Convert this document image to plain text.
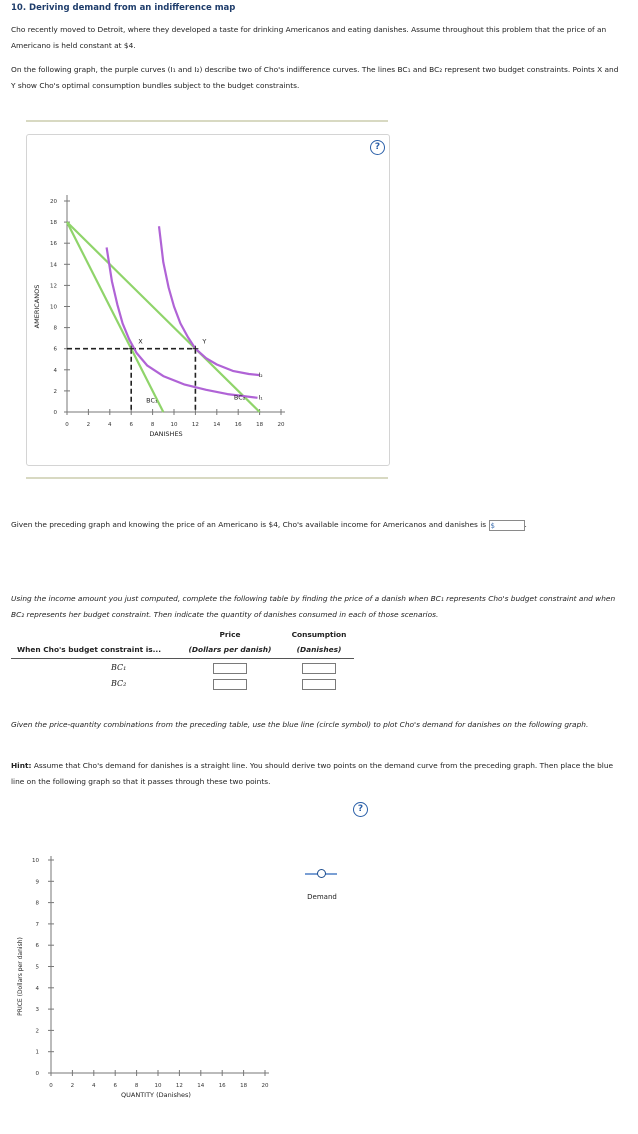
10. Deriving demand from an indifference map
Cho recently moved to Detroit, where they developed a taste for drinking Americanos and eating danishes. Assume throughout this problem that the price of an Americano is held constant at $4.
On the following graph, the purple curves (I₁ and I₂) describe two of Cho's indifference curves. The lines BC₁ and BC₂ represent two budget constraints. Points X and Y show Cho's optimal consumption bundles subject to the budget constraints.
?
0
2
4
6
8
10
12
14
16
18
20
0	2	4	6	8	10	12	14	16	18	20
DANISHES
AMERICANOS
BC₁	BC₂ I₁
I₂
X	Y
Given the preceding graph and knowing the price of an Americano is $4, Cho's available income for Americanos and danishes is $	.
Using the income amount you just computed, complete the following table by finding the price of a danish when BC₁ represents Cho's budget constraint and when BC₂ represents her budget constraint. Then indicate the quantity of danishes consumed in each of those scenarios.
Price	Consumption
When Cho's budget constraint is...	(Dollars per danish)	(Danishes)
BC₁
BC₂
Given the price-quantity combinations from the preceding table, use the blue line (circle symbol) to plot Cho's demand for danishes on the following graph.
Hint: Assume that Cho's demand for danishes is a straight line. You should derive two points on the demand curve from the preceding graph. Then place the blue line on the following graph so that it passes through these two points.
?
0
1
2
3
4
5
6
7
8
9
10
0	2	4	6	8	10	12	14	16	18	20
QUANTITY (Danishes)
PRICE (Dollars per danish)
Demand
